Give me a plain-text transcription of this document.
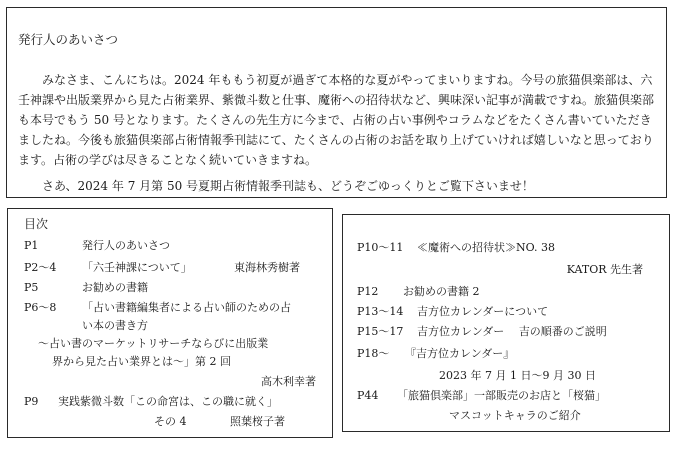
発行人のあいさつ

みなさま、こんにちは。2024 年ももう初夏が過ぎて本格的な夏がやってまいりますね。今号の旅猫倶楽部は、六壬神課や出版業界から見た占術業界、紫微斗数と仕事、魔術への招待状など、興味深い記事が満載ですね。旅猫倶楽部も本号でもう 50 号となります。たくさんの先生方に今まで、占術の占い事例やコラムなどをたくさん書いていただきましたね。今後も旅猫倶楽部占術情報季刊誌にて、たくさんの占術のお話を取り上げていければ嬉しいなと思っております。占術の学びは尽きることなく続いていきますね。

さあ、2024 年 7 月第 50 号夏期占術情報季刊誌も、どうぞごゆっくりとご覧下さいませ！
目次
P1	発行人のあいさつ
P2～4 「六壬神課について」	東海林秀樹著
P5	お勧めの書籍
P6～8 「占い書籍編集者による占い師のための占
い本の書き方
～占い書のマーケットリサーチならびに出版業
界から見た占い業界とは～」第 2 回
高木利幸著
P9 実践紫微斗数「この命宮は、この職に就く」
その 4	照葉桜子著
P10～11 ≪魔術への招待状≫NO. 38
KATOR 先生著
P12 お勧めの書籍 2
P13～14 吉方位カレンダーについて
P15～17 吉方位カレンダー　 吉の順番のご説明
P18～ 『吉方位カレンダー』
2023 年 7 月 1 日～9 月 30 日
P44 「旅猫倶楽部」一部販売のお店と「桜猫」
マスコットキャラのご紹介
